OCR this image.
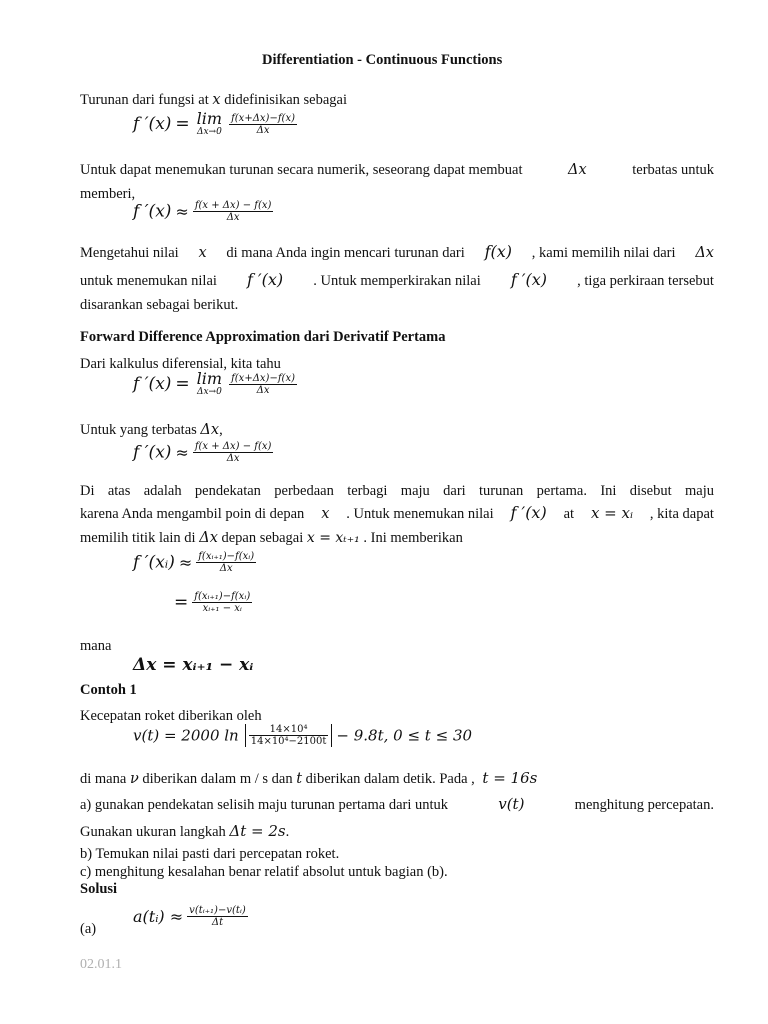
Differentiation - Continuous Functions
Turunan dari fungsi at x didefinisikan sebagai
f ′(x) = lim
Δx→0
$\frac{f(x+\Delta x)-f(x)}{\Delta x}$
Untuk dapat menemukan turunan secara numerik, seseorang dapat membuat	Δx	terbatas untuk
memberi,
f $'(x) \approx \frac{f(x + \Delta x) - f(x)}{\Delta x}$
Mengetahui nilai x di mana Anda ingin mencari turunan dari f(x) , kami memilih nilai dari Δx
untuk menemukan nilai f ′(x) . Untuk memperkirakan nilai f ′(x) , tiga perkiraan tersebut
disarankan sebagai berikut.
Forward Difference Approximation dari Derivatif Pertama
Dari kalkulus diferensial, kita tahu
f ′(x) = lim
Δx→0
$\frac{f(x+\Delta x)-f(x)}{\Delta x}$
Untuk yang terbatas Δx,
f $'(x) \approx \frac{f(x + \Delta x) - f(x)}{\Delta x}$
Di atas adalah pendekatan perbedaan terbagi maju dari turunan pertama. Ini disebut maju
karena Anda mengambil poin di depan x . Untuk menemukan nilai f ′(x) at x = xᵢ , kita dapat
memilih titik lain di Δx depan sebagai x = xₜ₊₁ . Ini memberikan
f ′(xᵢ) ≈ $\frac{\text{f(xᵢ₊₁)−f(xᵢ)}}{\Delta x}$
= $\frac{\text{f(xᵢ₊₁)−f(xᵢ)}}{\text{xᵢ₊₁ − xᵢ}}$
mana
Δx = xᵢ₊₁ − xᵢ
Contoh 1
Kecepatan roket diberikan oleh
v(t) = 2000 $\ln \frac{\text{14×10⁴}}{\text{14×10⁴−2100t}} - 9.8t$, 0 ≤ t ≤ 30
di mana ν diberikan dalam m / s dan t diberikan dalam detik. Pada , t = 16s
a) gunakan pendekatan selisih maju turunan pertama dari untuk	v(t)	menghitung percepatan.
Gunakan ukuran langkah Δt = 2s.
b) Temukan nilai pasti dari percepatan roket.
c) menghitung kesalahan benar relatif absolut untuk bagian (b).
Solusi
(a)
a(tᵢ) ≈ $\frac{\text{v(tᵢ₊₁)−v(tᵢ)}}{\Delta t}$
02.01.1
